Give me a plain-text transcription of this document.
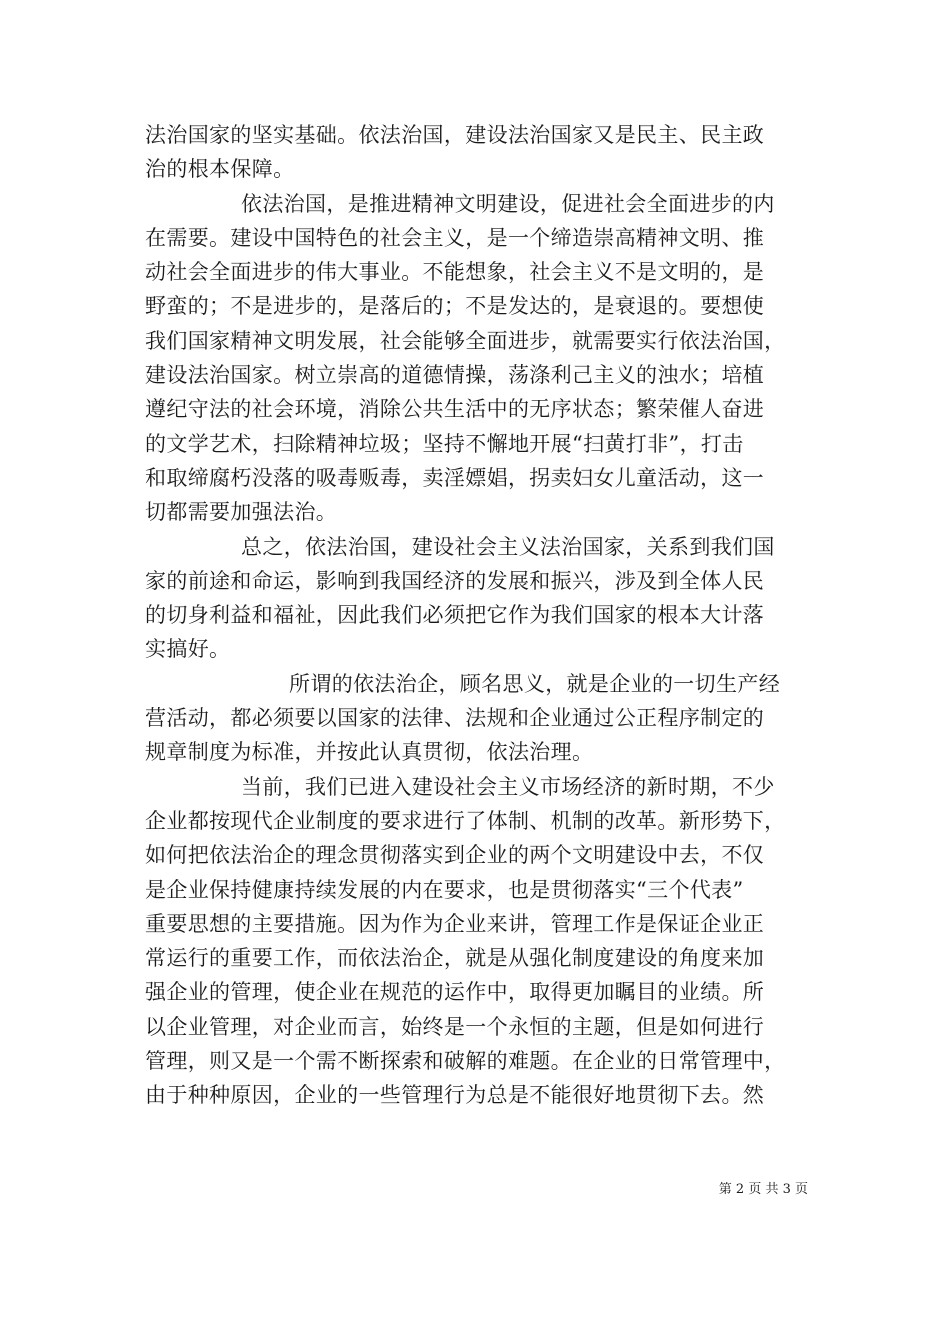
法治国家的坚实基础。依法治国，建设法治国家又是民主、民主政
治的根本保障。
依法治国，是推进精神文明建设，促进社会全面进步的内
在需要。建设中国特色的社会主义，是一个缔造崇高精神文明、推
动社会全面进步的伟大事业。不能想象，社会主义不是文明的，是
野蛮的；不是进步的，是落后的；不是发达的，是衰退的。要想使
我们国家精神文明发展，社会能够全面进步，就需要实行依法治国，
建设法治国家。树立崇高的道德情操，荡涤利己主义的浊水；培植
遵纪守法的社会环境，消除公共生活中的无序状态；繁荣催人奋进
的文学艺术，扫除精神垃圾；坚持不懈地开展“扫黄打非”，打击
和取缔腐朽没落的吸毒贩毒，卖淫嫖娼，拐卖妇女儿童活动，这一
切都需要加强法治。
总之，依法治国，建设社会主义法治国家，关系到我们国
家的前途和命运，影响到我国经济的发展和振兴，涉及到全体人民
的切身利益和福祉，因此我们必须把它作为我们国家的根本大计落
实搞好。
所谓的依法治企，顾名思义，就是企业的一切生产经
营活动，都必须要以国家的法律、法规和企业通过公正程序制定的
规章制度为标准，并按此认真贯彻，依法治理。
当前，我们已进入建设社会主义市场经济的新时期，不少
企业都按现代企业制度的要求进行了体制、机制的改革。新形势下，
如何把依法治企的理念贯彻落实到企业的两个文明建设中去，不仅
是企业保持健康持续发展的内在要求，也是贯彻落实“三个代表”
重要思想的主要措施。因为作为企业来讲，管理工作是保证企业正
常运行的重要工作，而依法治企，就是从强化制度建设的角度来加
强企业的管理，使企业在规范的运作中，取得更加瞩目的业绩。所
以企业管理，对企业而言，始终是一个永恒的主题，但是如何进行
管理，则又是一个需不断探索和破解的难题。在企业的日常管理中，
由于种种原因，企业的一些管理行为总是不能很好地贯彻下去。然
第 2 页 共 3 页
